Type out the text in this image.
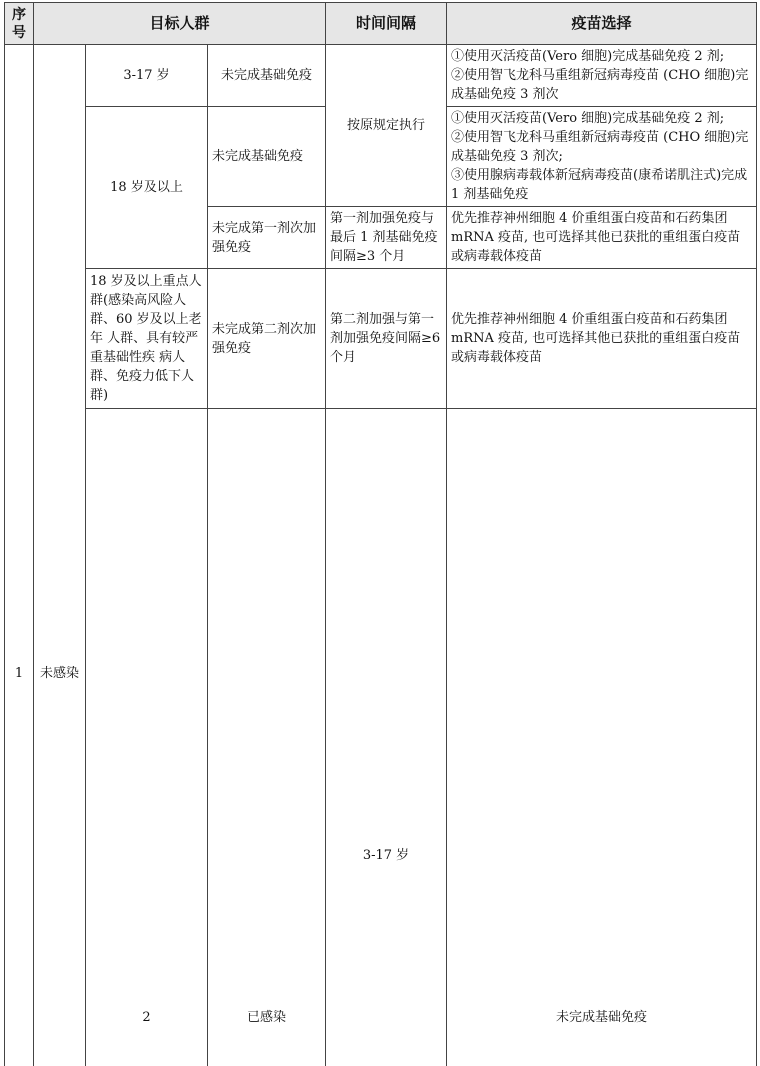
序
号	目标人群			时间间隔	疫苗选择	
1	未感染	3-17 岁	未完成基础免疫	按原规定执行	①使用灭活疫苗(Vero 细胞)完成基础免疫 2 剂;
②使用智飞龙科马重组新冠病毒疫苗 (CHO 细胞)完成基础免疫 3 剂次	
		18 岁及以上	未完成基础免疫		①使用灭活疫苗(Vero 细胞)完成基础免疫 2 剂;
②使用智飞龙科马重组新冠病毒疫苗 (CHO 细胞)完成基础免疫 3 剂次;
③使用腺病毒载体新冠病毒疫苗(康希诺肌注式)完成 1 剂基础免疫	
			未完成第一剂次加强免疫	第一剂加强免疫与最后 1 剂基础免疫间隔≥3 个月	优先推荐神州细胞 4 价重组蛋白疫苗和石药集团 mRNA 疫苗, 也可选择其他已获批的重组蛋白疫苗或病毒载体疫苗	
		18 岁及以上重点人群(感染高风险人群、60 岁及以上老年 人群、具有较严重基础性疾 病人群、免疫力低下人群)	未完成第二剂次加强免疫	第二剂加强与第一剂加强免疫间隔≥6 个月	优先推荐神州细胞 4 价重组蛋白疫苗和石药集团 mRNA 疫苗, 也可选择其他已获批的重组蛋白疫苗或病毒载体疫苗	
		2	已感染	3-17 岁	未完成基础免疫		
